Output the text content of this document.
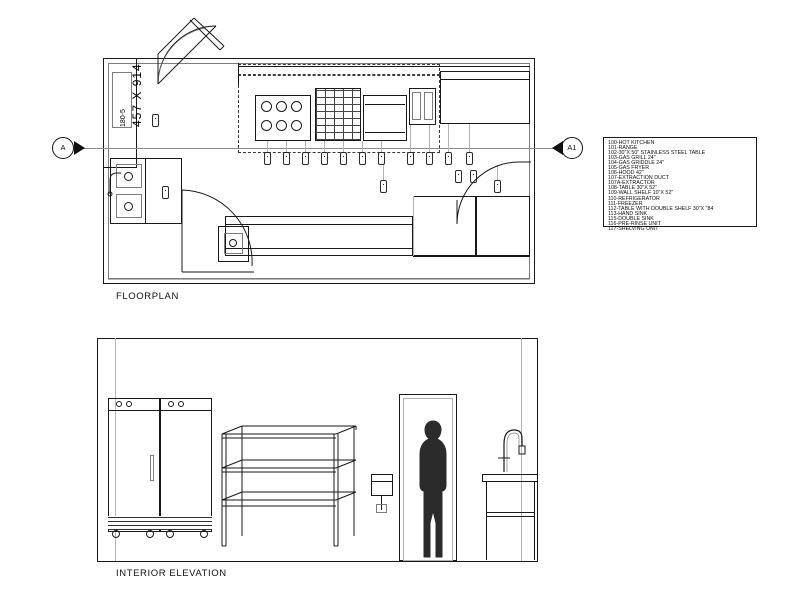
457 X 914
180-5
A	A1
FLOORPLAN
100-HOT KITCHEN
101-RANGE
102-30"X 50" STAINLESS STEEL TABLE
103-GAS GRILL 24"
104-GAS GRIDDLE 24"
105-GAS FRYER
106-HOOD 42"
107-EXTRACTION DUCT
107A-EXTRACTOR
108-TABLE 30"X 52"
109-WALL SHELF 10"X 52"
110-REFRIGERATOR
111-FREEZER
112-TABLE WITH DOUBLE SHELF 30"X "84
113-HAND SINK
115-DOUBLE SINK
116-PRE-RINSE UNIT
117-SHELVING UNIT
INTERIOR ELEVATION
